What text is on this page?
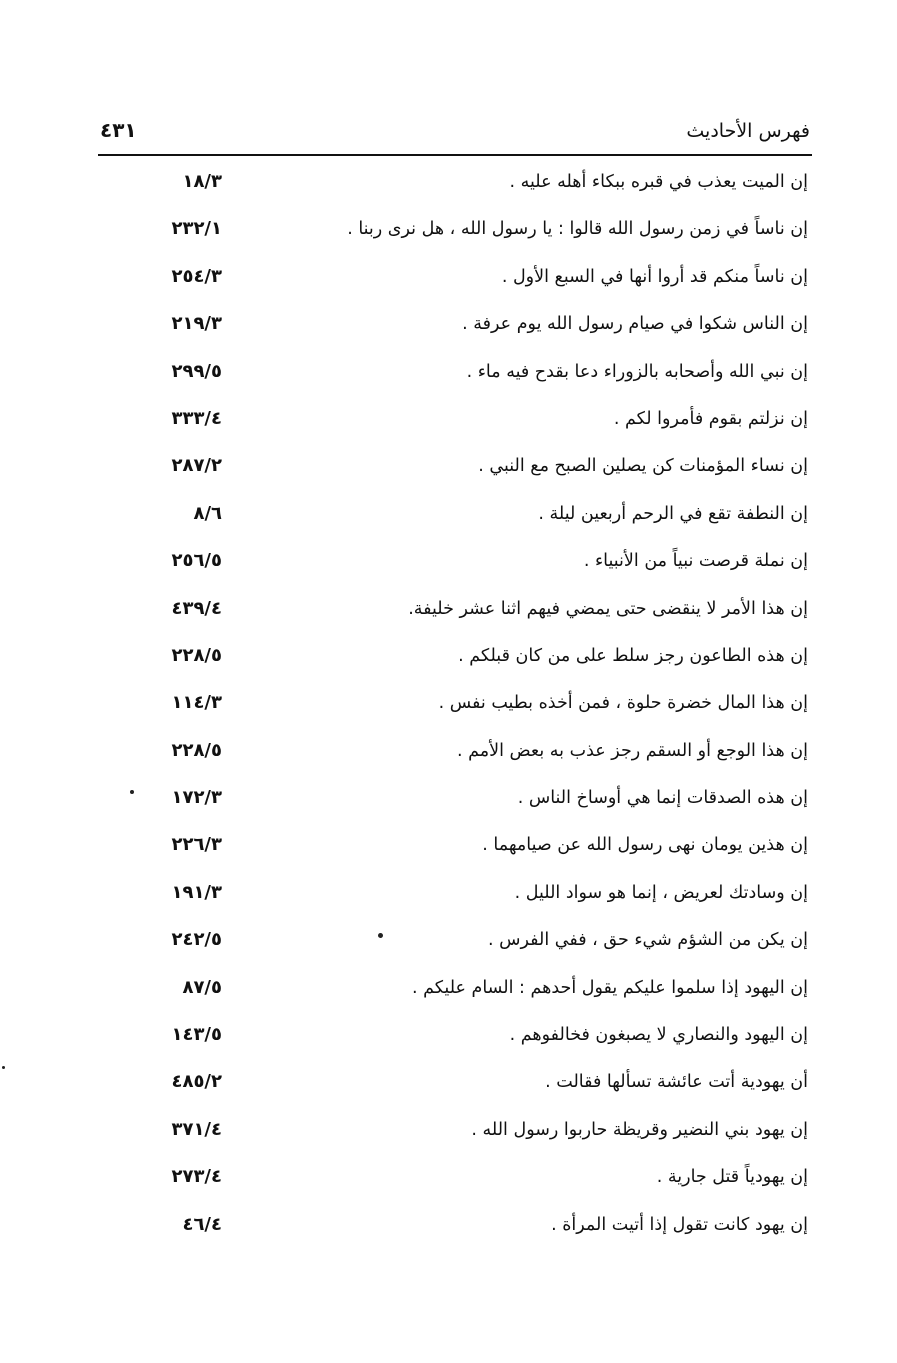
فهرس الأحاديث
٤٣١
إن الميت يعذب في قبره ببكاء أهله عليه .
١٨/٣
إن ناساً في زمن رسول الله قالوا : يا رسول الله ، هل نرى ربنا .
٢٣٢/١
إن ناساً منكم قد أروا أنها في السبع الأول .
٢٥٤/٣
إن الناس شكوا في صيام رسول الله يوم عرفة .
٢١٩/٣
إن نبي الله وأصحابه بالزوراء دعا بقدح فيه ماء .
٢٩٩/٥
إن نزلتم بقوم فأمروا لكم .
٣٣٣/٤
إن نساء المؤمنات كن يصلين الصبح مع النبي .
٢٨٧/٢
إن النطفة تقع في الرحم أربعين ليلة .
٨/٦
إن نملة قرصت نبياً من الأنبياء .
٢٥٦/٥
إن هذا الأمر لا ينقضى حتى يمضي فيهم اثنا عشر خليفة.
٤٣٩/٤
إن هذه الطاعون رجز سلط على من كان قبلكم .
٢٢٨/٥
إن هذا المال خضرة حلوة ، فمن أخذه بطيب نفس .
١١٤/٣
إن هذا الوجع أو السقم رجز عذب به بعض الأمم .
٢٢٨/٥
إن هذه الصدقات إنما هي أوساخ الناس .
١٧٢/٣
إن هذين يومان نهى رسول الله عن صيامهما .
٢٢٦/٣
إن وسادتك لعريض ، إنما هو سواد الليل .
١٩١/٣
إن يكن من الشؤم شيء حق ، ففي الفرس .
٢٤٢/٥
إن اليهود إذا سلموا عليكم يقول أحدهم : السام عليكم .
٨٧/٥
إن اليهود والنصاري لا يصبغون فخالفوهم .
١٤٣/٥
أن يهودية أتت عائشة تسألها فقالت .
٤٨٥/٢
إن يهود بني النضير وقريظة حاربوا رسول الله .
٣٧١/٤
إن يهودياً قتل جارية .
٢٧٣/٤
إن يهود كانت تقول إذا أتيت المرأة .
٤٦/٤
